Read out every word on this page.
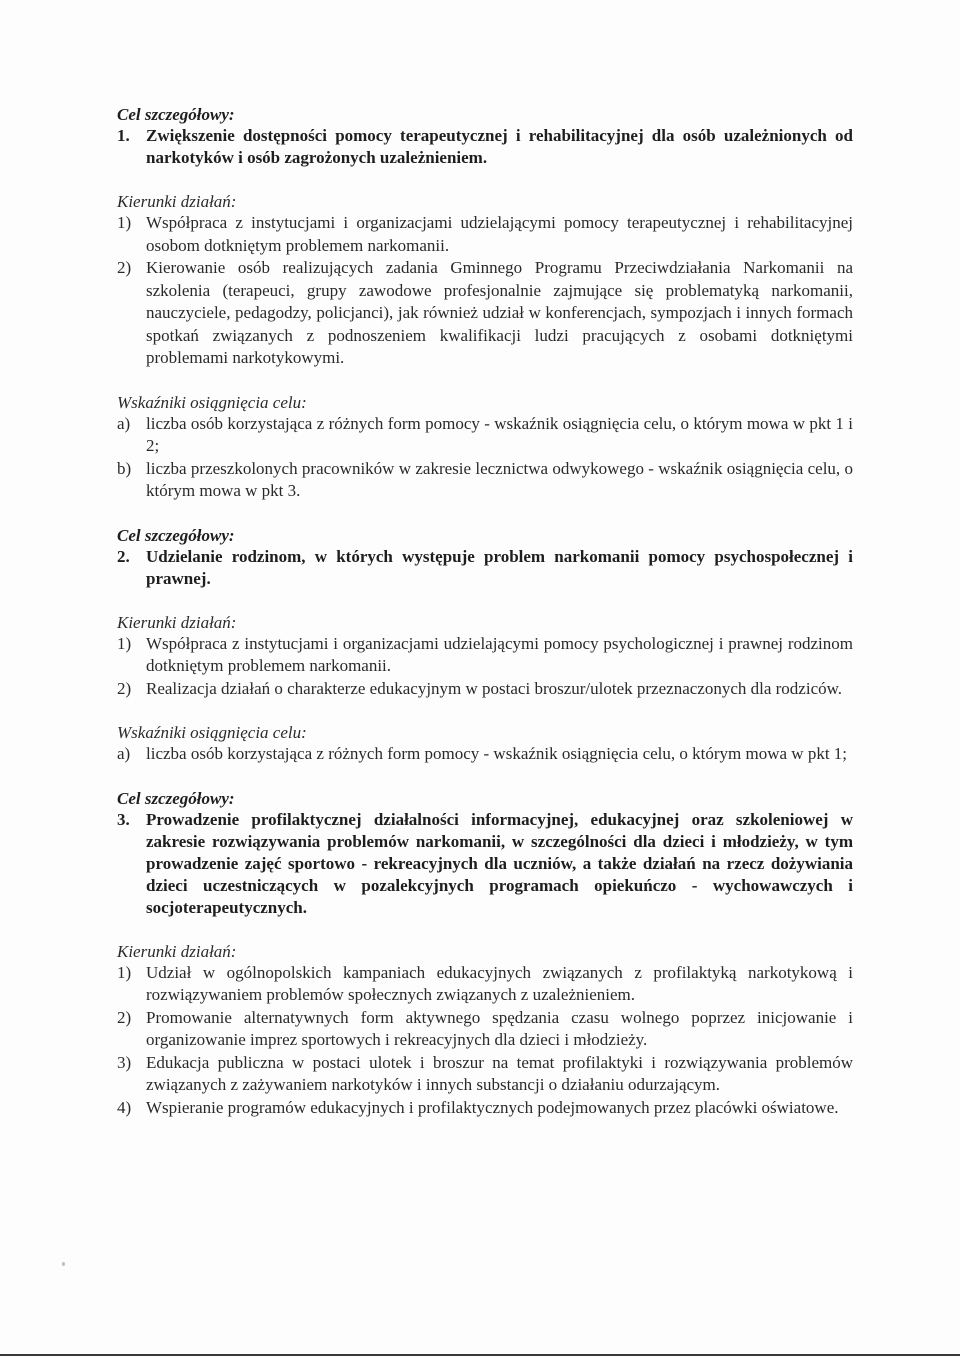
Cel szczegółowy:

1. Zwiększenie dostępności pomocy terapeutycznej i rehabilitacyjnej dla osób uzależnionych od narkotyków i osób zagrożonych uzależnieniem.

Kierunki działań:

1) Współpraca z instytucjami i organizacjami udzielającymi pomocy terapeutycznej i rehabilitacyjnej osobom dotkniętym problemem narkomanii.
2) Kierowanie osób realizujących zadania Gminnego Programu Przeciwdziałania Narkomanii na szkolenia (terapeuci, grupy zawodowe profesjonalnie zajmujące się problematyką narkomanii, nauczyciele, pedagodzy, policjanci), jak również udział w konferencjach, sympozjach i innych formach spotkań związanych z podnoszeniem kwalifikacji ludzi pracujących z osobami dotkniętymi problemami narkotykowymi.

Wskaźniki osiągnięcia celu:

a) liczba osób korzystająca z różnych form pomocy - wskaźnik osiągnięcia celu, o którym mowa w pkt 1 i 2;
b) liczba przeszkolonych pracowników w zakresie lecznictwa odwykowego - wskaźnik osiągnięcia celu, o którym mowa w pkt 3.

Cel szczegółowy:

2. Udzielanie rodzinom, w których występuje problem narkomanii pomocy psychospołecznej i prawnej.

Kierunki działań:

1) Współpraca z instytucjami i organizacjami udzielającymi pomocy psychologicznej i prawnej rodzinom dotkniętym problemem narkomanii.
2) Realizacja działań o charakterze edukacyjnym w postaci broszur/ulotek przeznaczonych dla rodziców.

Wskaźniki osiągnięcia celu:

a) liczba osób korzystająca z różnych form pomocy - wskaźnik osiągnięcia celu, o którym mowa w pkt 1;

Cel szczegółowy:

3. Prowadzenie profilaktycznej działalności informacyjnej, edukacyjnej oraz szkoleniowej w zakresie rozwiązywania problemów narkomanii, w szczególności dla dzieci i młodzieży, w tym prowadzenie zajęć sportowo - rekreacyjnych dla uczniów, a także działań na rzecz dożywiania dzieci uczestniczących w pozalekcyjnych programach opiekuńczo - wychowawczych i socjoterapeutycznych.

Kierunki działań:

1) Udział w ogólnopolskich kampaniach edukacyjnych związanych z profilaktyką narkotykową i rozwiązywaniem problemów społecznych związanych z uzależnieniem.
2) Promowanie alternatywnych form aktywnego spędzania czasu wolnego poprzez inicjowanie i organizowanie imprez sportowych i rekreacyjnych dla dzieci i młodzieży.
3) Edukacja publiczna w postaci ulotek i broszur na temat profilaktyki i rozwiązywania problemów związanych z zażywaniem narkotyków i innych substancji o działaniu odurzającym.
4) Wspieranie programów edukacyjnych i profilaktycznych podejmowanych przez placówki oświatowe.
